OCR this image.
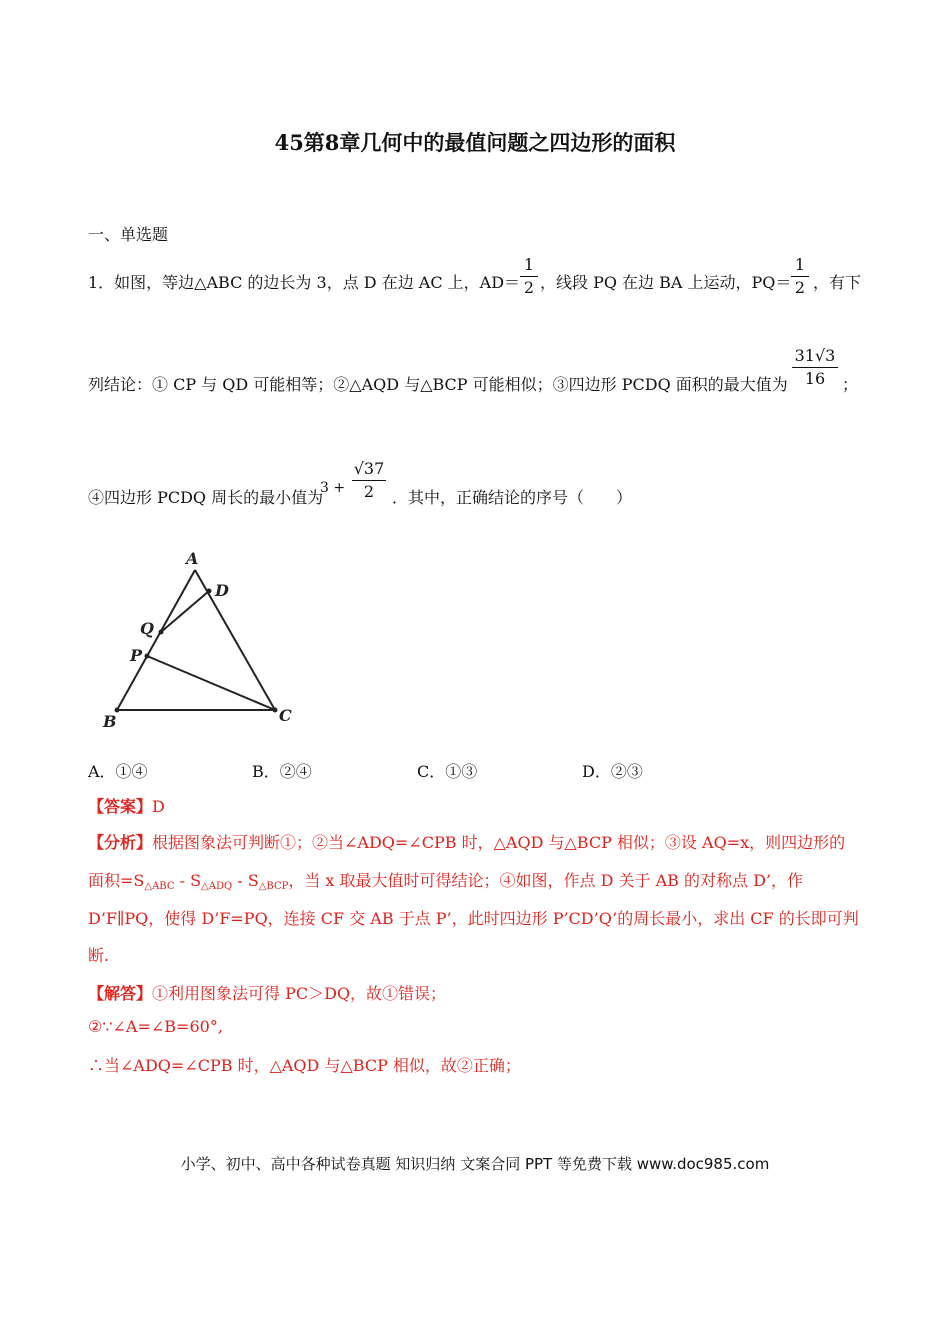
45第8章几何中的最值问题之四边形的面积
一、单选题
1．如图，等边△ABC 的边长为 3，点 D 在边 AC 上，AD＝
1
2 ，线段 PQ 在边 BA 上运动，PQ＝
1
2 ，有下
列结论：① CP 与 QD 可能相等；②△AQD 与△BCP 可能相似；③四边形 PCDQ 面积的最大值为
31√3
16	；
④四边形 PCDQ 周长的最小值为
3 +
√37
2	．其中，正确结论的序号（　　）
A
D
Q
P
B	C
A．①④	B．②④	C．①③	D．②③
【答案】D
【分析】根据图象法可判断①；②当∠ADQ=∠CPB 时，△AQD 与△BCP 相似；③设 AQ=x，则四边形的
面积$=S_{\triangle ABC} - S_{\triangle ADQ} - S_{\triangle BCP}$，当 x 取最大值时可得结论；④如图，作点 D 关于 AB 的对称点 D’，作
D’F∥PQ，使得 D’F=PQ，连接 CF 交 AB 于点 P’，此时四边形 P’CD’Q’的周长最小，求出 CF 的长即可判
断.
【解答】①利用图象法可得 PC＞DQ，故①错误；
②∵∠A=∠B=60°,
∴当∠ADQ=∠CPB 时，△AQD 与△BCP 相似，故②正确；
小学、初中、高中各种试卷真题 知识归纳 文案合同 PPT 等免费下载 www.doc985.com
